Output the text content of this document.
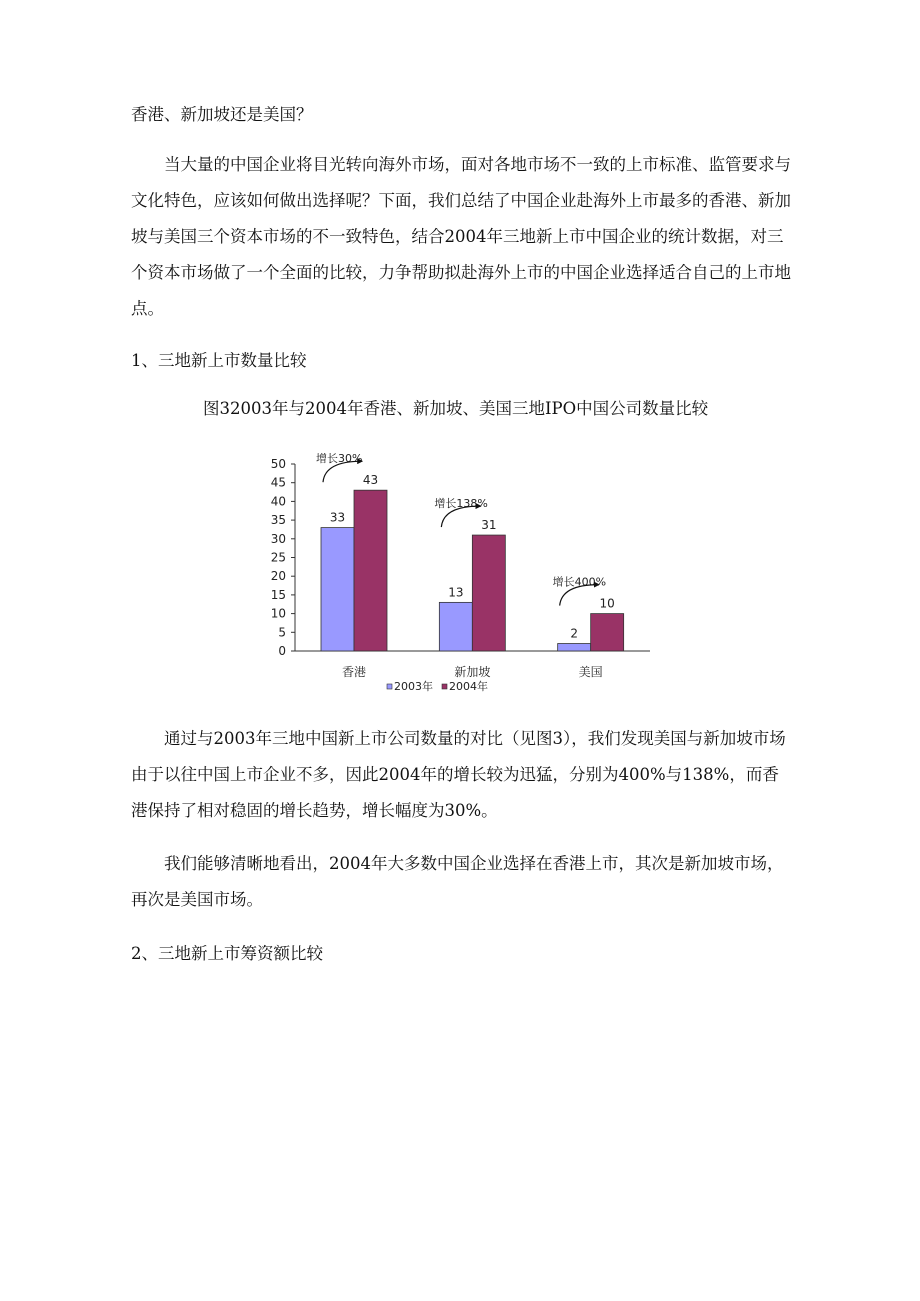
香港、新加坡还是美国？

当大量的中国企业将目光转向海外市场，面对各地市场不一致的上市标准、监管要求与文化特色，应该如何做出选择呢？下面，我们总结了中国企业赴海外上市最多的香港、新加坡与美国三个资本市场的不一致特色，结合2004年三地新上市中国企业的统计数据，对三个资本市场做了一个全面的比较，力争帮助拟赴海外上市的中国企业选择适合自己的上市地点。

1、三地新上市数量比较

图32003年与2004年香港、新加坡、美国三地IPO中国公司数量比较

0
5
10
15
20
25
30
35
40
45
50
33
43
13
31
2
10
香港	新加坡	美国
增长30%
增长138%
增长400%
2003年 2004年

通过与2003年三地中国新上市公司数量的对比（见图3），我们发现美国与新加坡市场由于以往中国上市企业不多，因此2004年的增长较为迅猛，分别为400%与138%，而香港保持了相对稳固的增长趋势，增长幅度为30%。

我们能够清晰地看出，2004年大多数中国企业选择在香港上市，其次是新加坡市场，再次是美国市场。

2、三地新上市筹资额比较
